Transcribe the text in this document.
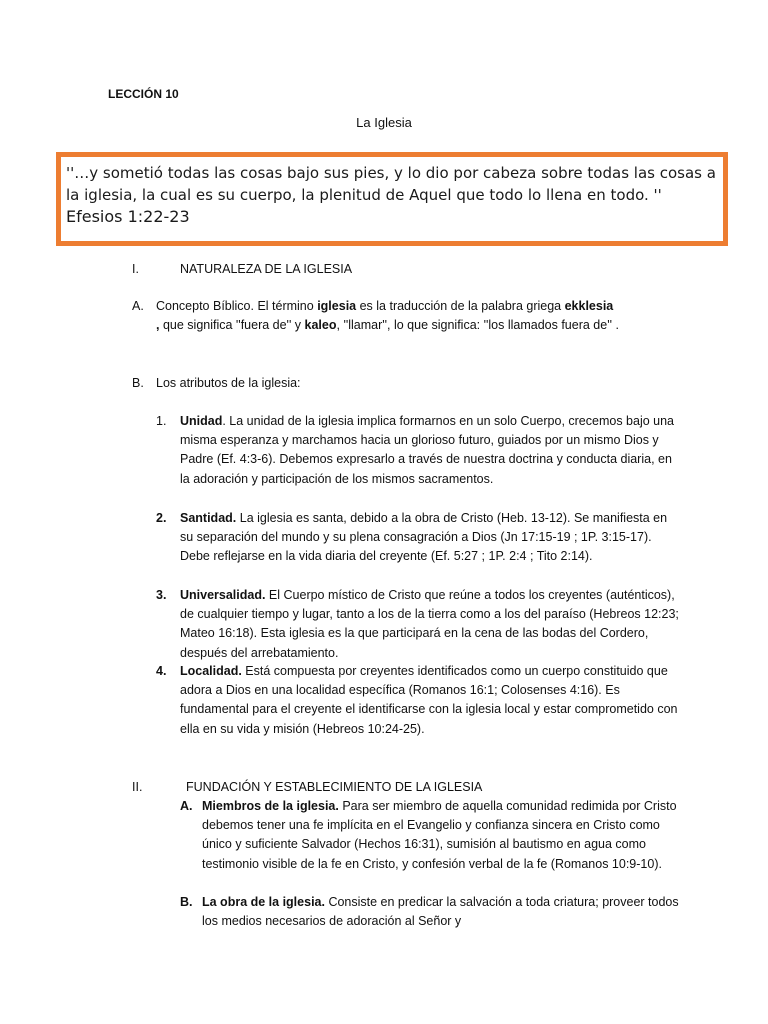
LECCIÓN 10
La Iglesia
''…y sometió todas las cosas bajo sus pies, y lo dio por cabeza sobre todas las cosas a la iglesia, la cual es su cuerpo, la plenitud de Aquel que todo lo llena en todo. ''
Efesios 1:22-23
I.	NATURALEZA DE LA IGLESIA
A. Concepto Bíblico. El término iglesia es la traducción de la palabra griega ekklesia
, que significa ''fuera de'' y kaleo, ''llamar'', lo que significa: ''los llamados fuera de'' .
B. Los atributos de la iglesia:
1. Unidad. La unidad de la iglesia implica formarnos en un solo Cuerpo, crecemos bajo una misma esperanza y marchamos hacia un glorioso futuro, guiados por un mismo Dios y Padre (Ef. 4:3-6). Debemos expresarlo a través de nuestra doctrina y conducta diaria, en la adoración y participación de los mismos sacramentos.
2. Santidad. La iglesia es santa, debido a la obra de Cristo (Heb. 13-12). Se manifiesta en su separación del mundo y su plena consagración a Dios (Jn 17:15-19 ; 1P. 3:15-17). Debe reflejarse en la vida diaria del creyente (Ef. 5:27 ; 1P. 2:4 ; Tito 2:14).
3. Universalidad. El Cuerpo místico de Cristo que reúne a todos los creyentes (auténticos), de cualquier tiempo y lugar, tanto a los de la tierra como a los del paraíso (Hebreos 12:23; Mateo 16:18). Esta iglesia es la que participará en la cena de las bodas del Cordero, después del arrebatamiento.
4. Localidad. Está compuesta por creyentes identificados como un cuerpo constituido que adora a Dios en una localidad específica (Romanos 16:1; Colosenses 4:16). Es fundamental para el creyente el identificarse con la iglesia local y estar comprometido con ella en su vida y misión (Hebreos 10:24-25).
II.	FUNDACIÓN Y ESTABLECIMIENTO DE LA IGLESIA
A. Miembros de la iglesia. Para ser miembro de aquella comunidad redimida por Cristo debemos tener una fe implícita en el Evangelio y confianza sincera en Cristo como único y suficiente Salvador (Hechos 16:31), sumisión al bautismo en agua como testimonio visible de la fe en Cristo, y confesión verbal de la fe (Romanos 10:9-10).
B. La obra de la iglesia. Consiste en predicar la salvación a toda criatura; proveer todos los medios necesarios de adoración al Señor y
